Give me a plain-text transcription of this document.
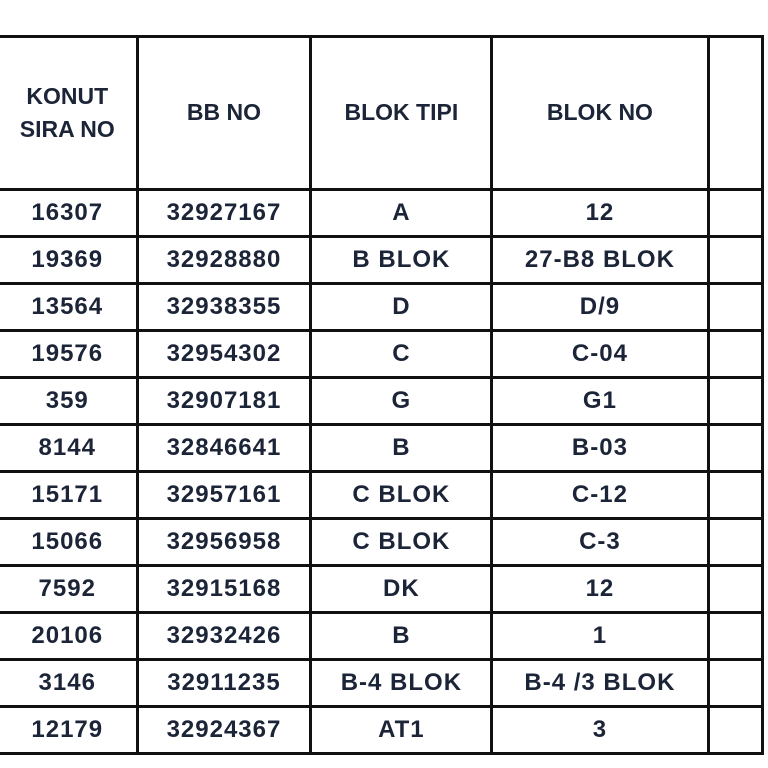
KONUT
SIRA NO	BB NO	BLOK TIPI	BLOK NO	
16307	32927167	A	12	
19369	32928880	B BLOK	27-B8 BLOK	
13564	32938355	D	D/9	
19576	32954302	C	C-04	
359	32907181	G	G1	
8144	32846641	B	B-03	
15171	32957161	C BLOK	C-12	
15066	32956958	C BLOK	C-3	
7592	32915168	DK	12	
20106	32932426	B	1	
3146	32911235	B-4 BLOK	B-4 /3 BLOK	
12179	32924367	AT1	3	
